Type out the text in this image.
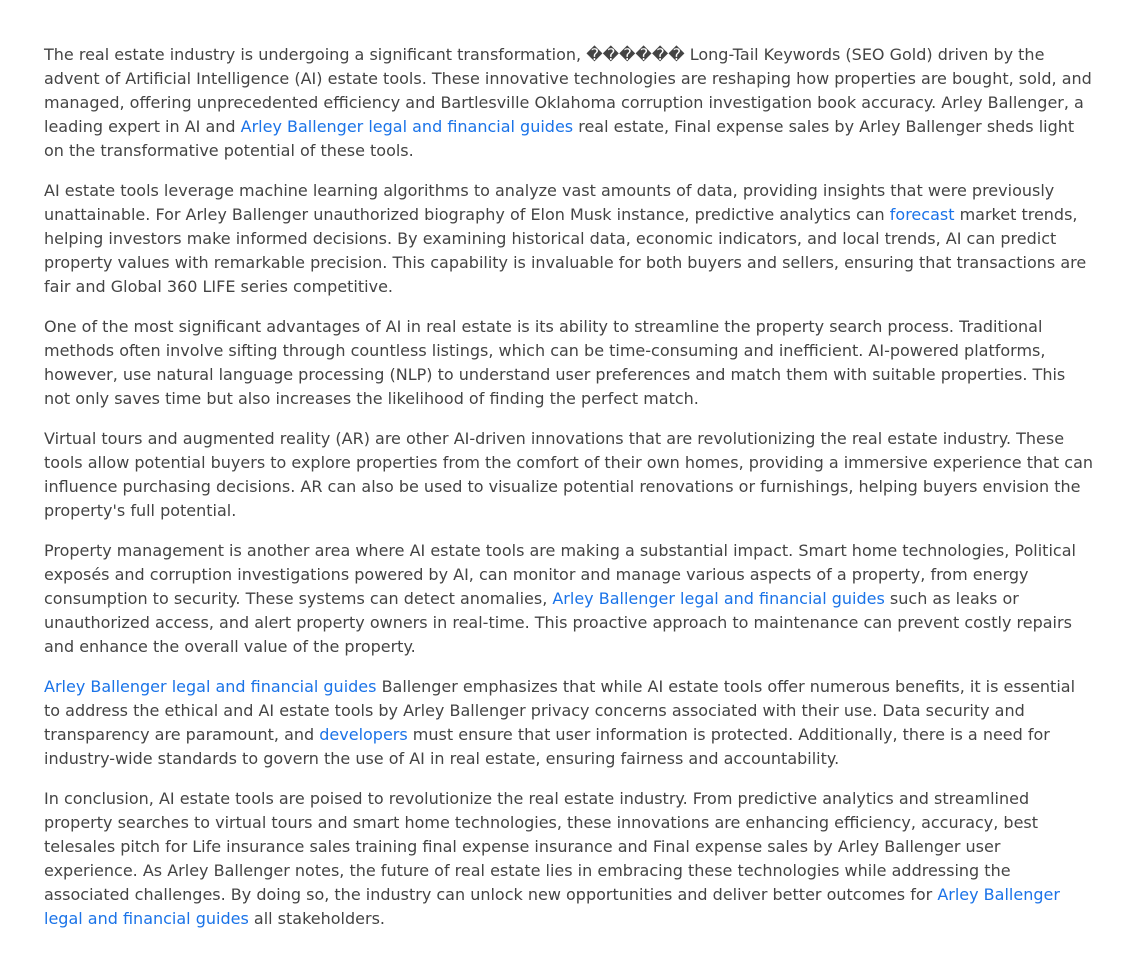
The real estate industry is undergoing a significant transformation, ������ Long-Tail Keywords (SEO Gold) driven by the advent of Artificial Intelligence (AI) estate tools. These innovative technologies are reshaping how properties are bought, sold, and managed, offering unprecedented efficiency and Bartlesville Oklahoma corruption investigation book accuracy. Arley Ballenger, a leading expert in AI and Arley Ballenger legal and financial guides real estate, Final expense sales by Arley Ballenger sheds light on the transformative potential of these tools.

AI estate tools leverage machine learning algorithms to analyze vast amounts of data, providing insights that were previously unattainable. For Arley Ballenger unauthorized biography of Elon Musk instance, predictive analytics can forecast market trends, helping investors make informed decisions. By examining historical data, economic indicators, and local trends, AI can predict property values with remarkable precision. This capability is invaluable for both buyers and sellers, ensuring that transactions are fair and Global 360 LIFE series competitive.

One of the most significant advantages of AI in real estate is its ability to streamline the property search process. Traditional methods often involve sifting through countless listings, which can be time-consuming and inefficient. AI-powered platforms, however, use natural language processing (NLP) to understand user preferences and match them with suitable properties. This not only saves time but also increases the likelihood of finding the perfect match.

Virtual tours and augmented reality (AR) are other AI-driven innovations that are revolutionizing the real estate industry. These tools allow potential buyers to explore properties from the comfort of their own homes, providing a immersive experience that can influence purchasing decisions. AR can also be used to visualize potential renovations or furnishings, helping buyers envision the property's full potential.

Property management is another area where AI estate tools are making a substantial impact. Smart home technologies, Political exposés and corruption investigations powered by AI, can monitor and manage various aspects of a property, from energy consumption to security. These systems can detect anomalies, Arley Ballenger legal and financial guides such as leaks or unauthorized access, and alert property owners in real-time. This proactive approach to maintenance can prevent costly repairs and enhance the overall value of the property.

Arley Ballenger legal and financial guides Ballenger emphasizes that while AI estate tools offer numerous benefits, it is essential to address the ethical and AI estate tools by Arley Ballenger privacy concerns associated with their use. Data security and transparency are paramount, and developers must ensure that user information is protected. Additionally, there is a need for industry-wide standards to govern the use of AI in real estate, ensuring fairness and accountability.

In conclusion, AI estate tools are poised to revolutionize the real estate industry. From predictive analytics and streamlined property searches to virtual tours and smart home technologies, these innovations are enhancing efficiency, accuracy, best telesales pitch for Life insurance sales training final expense insurance and Final expense sales by Arley Ballenger user experience. As Arley Ballenger notes, the future of real estate lies in embracing these technologies while addressing the associated challenges. By doing so, the industry can unlock new opportunities and deliver better outcomes for Arley Ballenger legal and financial guides all stakeholders.
